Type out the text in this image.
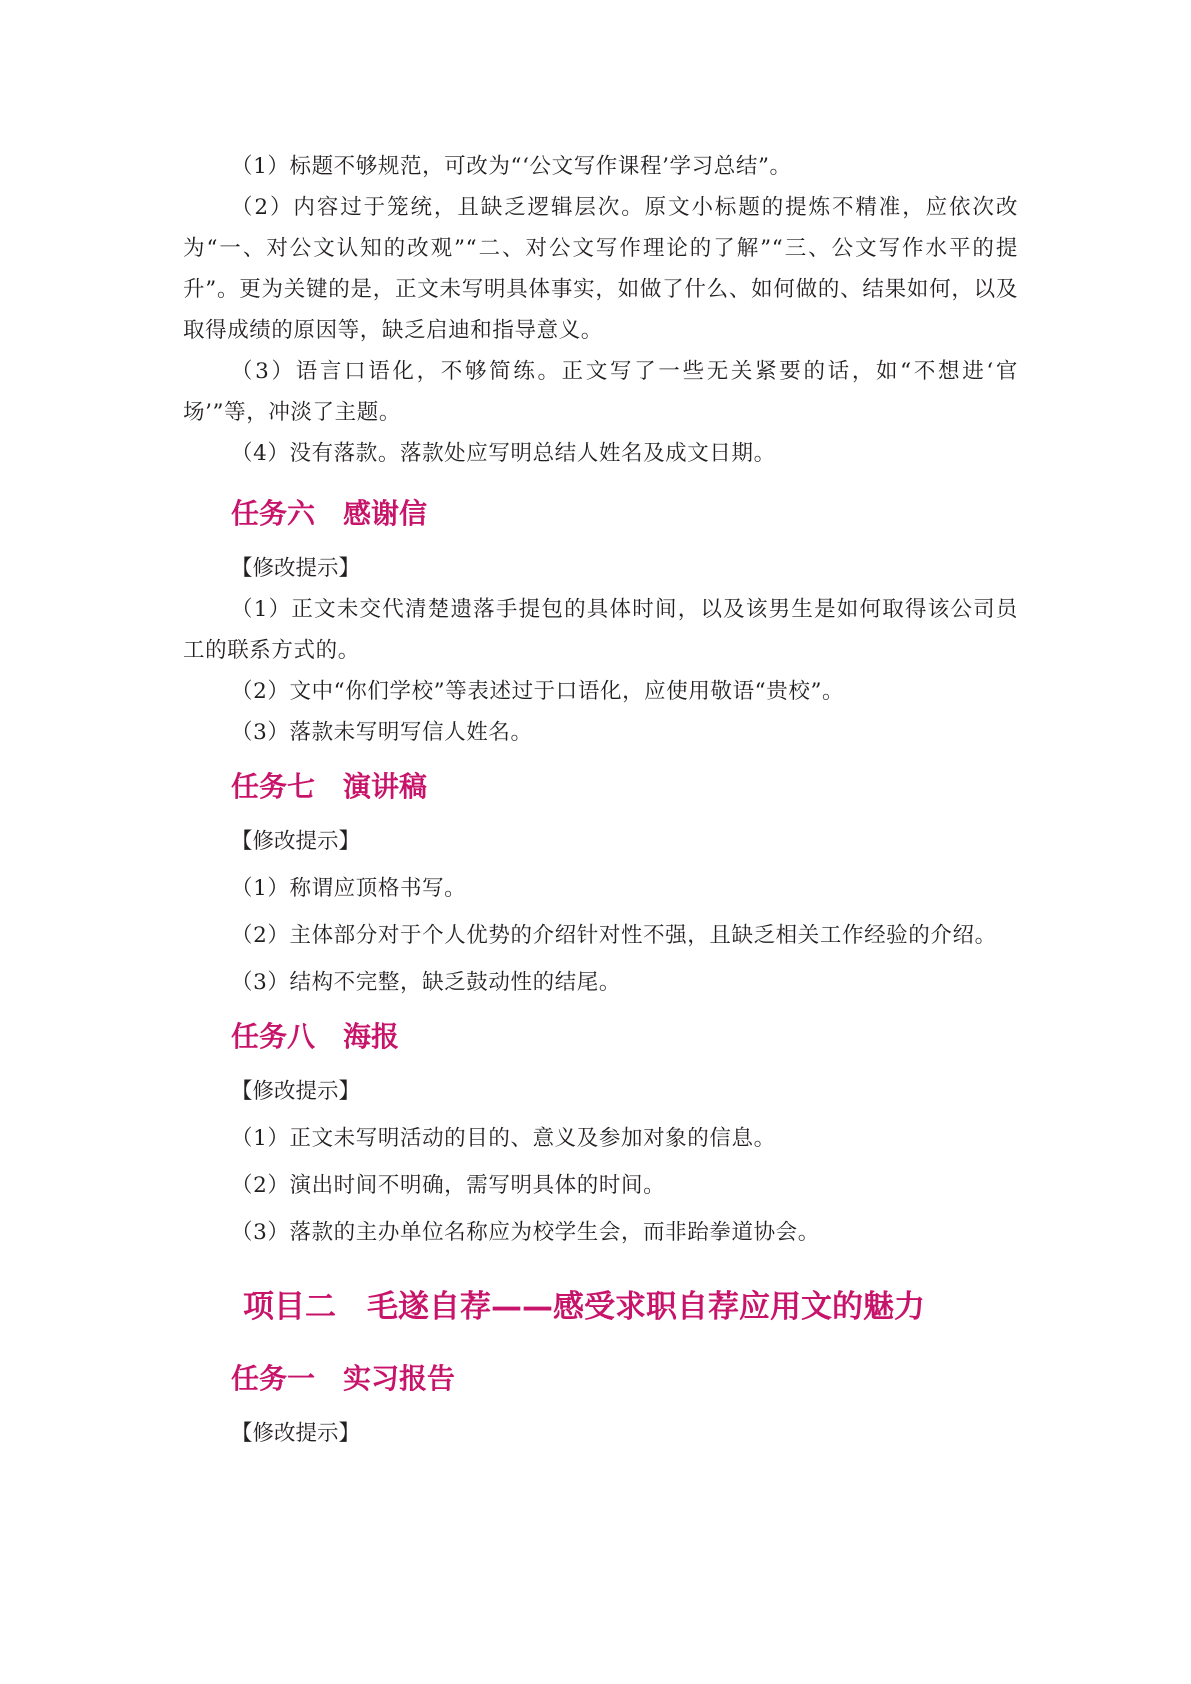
（1）标题不够规范，可改为“‘公文写作课程’学习总结”。

（2）内容过于笼统，且缺乏逻辑层次。原文小标题的提炼不精准，应依次改为“一、对公文认知的改观”“二、对公文写作理论的了解”“三、公文写作水平的提升”。更为关键的是，正文未写明具体事实，如做了什么、如何做的、结果如何，以及取得成绩的原因等，缺乏启迪和指导意义。

（3）语言口语化，不够简练。正文写了一些无关紧要的话，如“不想进‘官场’”等，冲淡了主题。

（4）没有落款。落款处应写明总结人姓名及成文日期。

任务六　感谢信

【修改提示】

（1）正文未交代清楚遗落手提包的具体时间，以及该男生是如何取得该公司员工的联系方式的。

（2）文中“你们学校”等表述过于口语化，应使用敬语“贵校”。

（3）落款未写明写信人姓名。

任务七　演讲稿

【修改提示】

（1）称谓应顶格书写。

（2）主体部分对于个人优势的介绍针对性不强，且缺乏相关工作经验的介绍。

（3）结构不完整，缺乏鼓动性的结尾。

任务八　海报

【修改提示】

（1）正文未写明活动的目的、意义及参加对象的信息。

（2）演出时间不明确，需写明具体的时间。

（3）落款的主办单位名称应为校学生会，而非跆拳道协会。

项目二　毛遂自荐——感受求职自荐应用文的魅力
任务一　实习报告

【修改提示】
